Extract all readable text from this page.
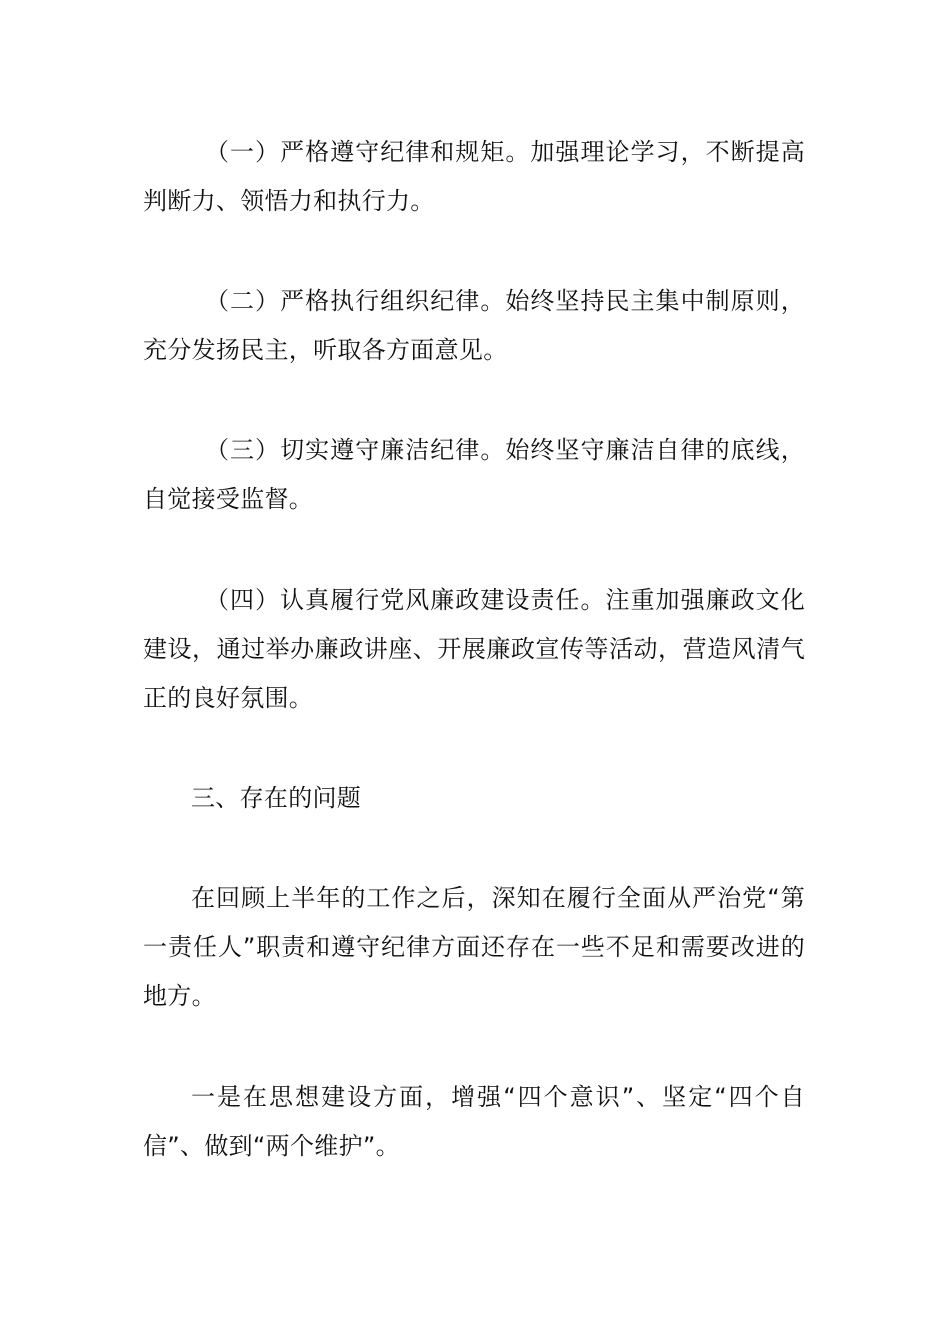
（一）严格遵守纪律和规矩。加强理论学习，不断提高判断力、领悟力和执行力。

（二）严格执行组织纪律。始终坚持民主集中制原则，充分发扬民主，听取各方面意见。

（三）切实遵守廉洁纪律。始终坚守廉洁自律的底线，自觉接受监督。

（四）认真履行党风廉政建设责任。注重加强廉政文化建设，通过举办廉政讲座、开展廉政宣传等活动，营造风清气正的良好氛围。

三、存在的问题

在回顾上半年的工作之后，深知在履行全面从严治党“第一责任人”职责和遵守纪律方面还存在一些不足和需要改进的地方。

一是在思想建设方面，增强“四个意识”、坚定“四个自信”、做到“两个维护”。
